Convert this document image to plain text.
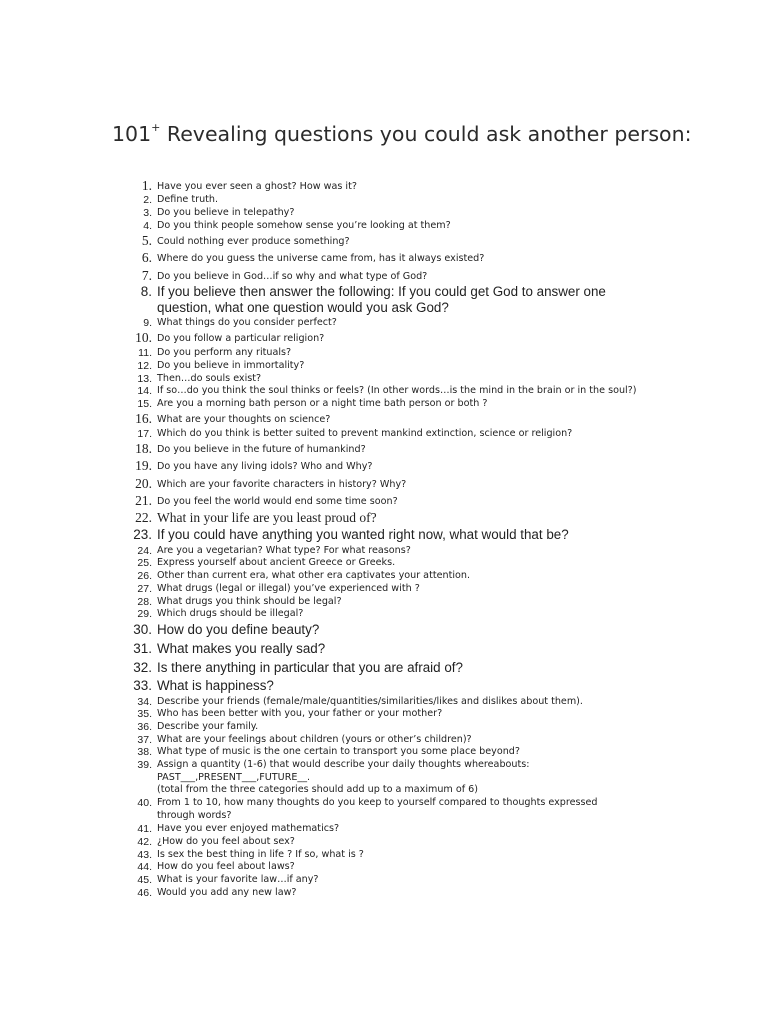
101+ Revealing questions you could ask another person:
1. Have you ever seen a ghost? How was it?
2. Define truth.
3. Do you believe in telepathy?
4. Do you think people somehow sense you’re looking at them?
5. Could nothing ever produce something?
6. Where do you guess the universe came from, has it always existed?
7. Do you believe in God…if so why and what type of God?
8. If you believe then answer the following: If you could get God to answer one question, what one question would you ask God?
9. What things do you consider perfect?
10. Do you follow a particular religion?
11. Do you perform any rituals?
12. Do you believe in immortality?
13. Then…do souls exist?
14. If so…do you think the soul thinks or feels? (In other words…is the mind in the brain or in the soul?)
15. Are you a morning bath person or a night time bath person or both ?
16. What are your thoughts on science?
17. Which do you think is better suited to prevent mankind extinction, science or religion?
18. Do you believe in the future of humankind?
19. Do you have any living idols? Who and Why?
20. Which are your favorite characters in history? Why?
21. Do you feel the world would end some time soon?
22. What in your life are you least proud of?
23. If you could have anything you wanted right now, what would that be?
24. Are you a vegetarian? What type? For what reasons?
25. Express yourself about ancient Greece or Greeks.
26. Other than current era, what other era captivates your attention.
27. What drugs (legal or illegal) you’ve experienced with ?
28. What drugs you think should be legal?
29. Which drugs should be illegal?
30. How do you define beauty?
31. What makes you really sad?
32. Is there anything in particular that you are afraid of?
33. What is happiness?
34. Describe your friends (female/male/quantities/similarities/likes and dislikes about them).
35. Who has been better with you, your father or your mother?
36. Describe your family.
37. What are your feelings about children (yours or other’s children)?
38. What type of music is the one certain to transport you some place beyond?
39. Assign a quantity (1-6) that would describe your daily thoughts whereabouts:
PAST___,PRESENT___,FUTURE__.
(total from the three categories should add up to a maximum of 6)
40. From 1 to 10, how many thoughts do you keep to yourself compared to thoughts expressed through words?
41. Have you ever enjoyed mathematics?
42. ¿How do you feel about sex?
43. Is sex the best thing in life ? If so, what is ?
44. How do you feel about laws?
45. What is your favorite law…if any?
46. Would you add any new law?
